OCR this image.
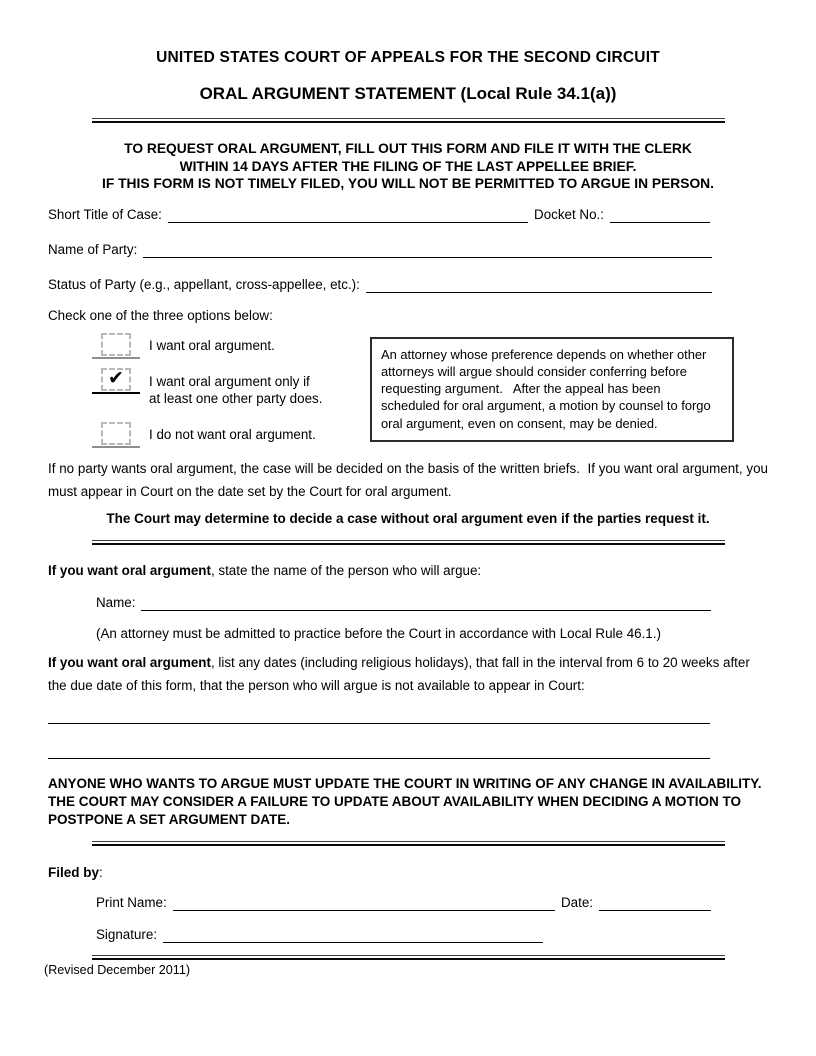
UNITED STATES COURT OF APPEALS FOR THE SECOND CIRCUIT
ORAL ARGUMENT STATEMENT (Local Rule 34.1(a))
TO REQUEST ORAL ARGUMENT, FILL OUT THIS FORM AND FILE IT WITH THE CLERK
WITHIN 14 DAYS AFTER THE FILING OF THE LAST APPELLEE BRIEF.
IF THIS FORM IS NOT TIMELY FILED, YOU WILL NOT BE PERMITTED TO ARGUE IN PERSON.
Short Title of Case:	Docket No.:
Name of Party:
Status of Party (e.g., appellant, cross-appellee, etc.):
Check one of the three options below:
I want oral argument.
✔ I want oral argument only if
at least one other party does.
I do not want oral argument.
An attorney whose preference depends on whether other
attorneys will argue should consider conferring before
requesting argument.   After the appeal has been
scheduled for oral argument, a motion by counsel to forgo
oral argument, even on consent, may be denied.
If no party wants oral argument, the case will be decided on the basis of the written briefs.  If you want oral argument, you must appear in Court on the date set by the Court for oral argument.
The Court may determine to decide a case without oral argument even if the parties request it.
If you want oral argument, state the name of the person who will argue:
Name:
(An attorney must be admitted to practice before the Court in accordance with Local Rule 46.1.)
If you want oral argument, list any dates (including religious holidays), that fall in the interval from 6 to 20 weeks after the due date of this form, that the person who will argue is not available to appear in Court:
ANYONE WHO WANTS TO ARGUE MUST UPDATE THE COURT IN WRITING OF ANY CHANGE IN AVAILABILITY. THE COURT MAY CONSIDER A FAILURE TO UPDATE ABOUT AVAILABILITY WHEN DECIDING A MOTION TO POSTPONE A SET ARGUMENT DATE.
Filed by:
Print Name:	Date:
Signature:
(Revised December 2011)
